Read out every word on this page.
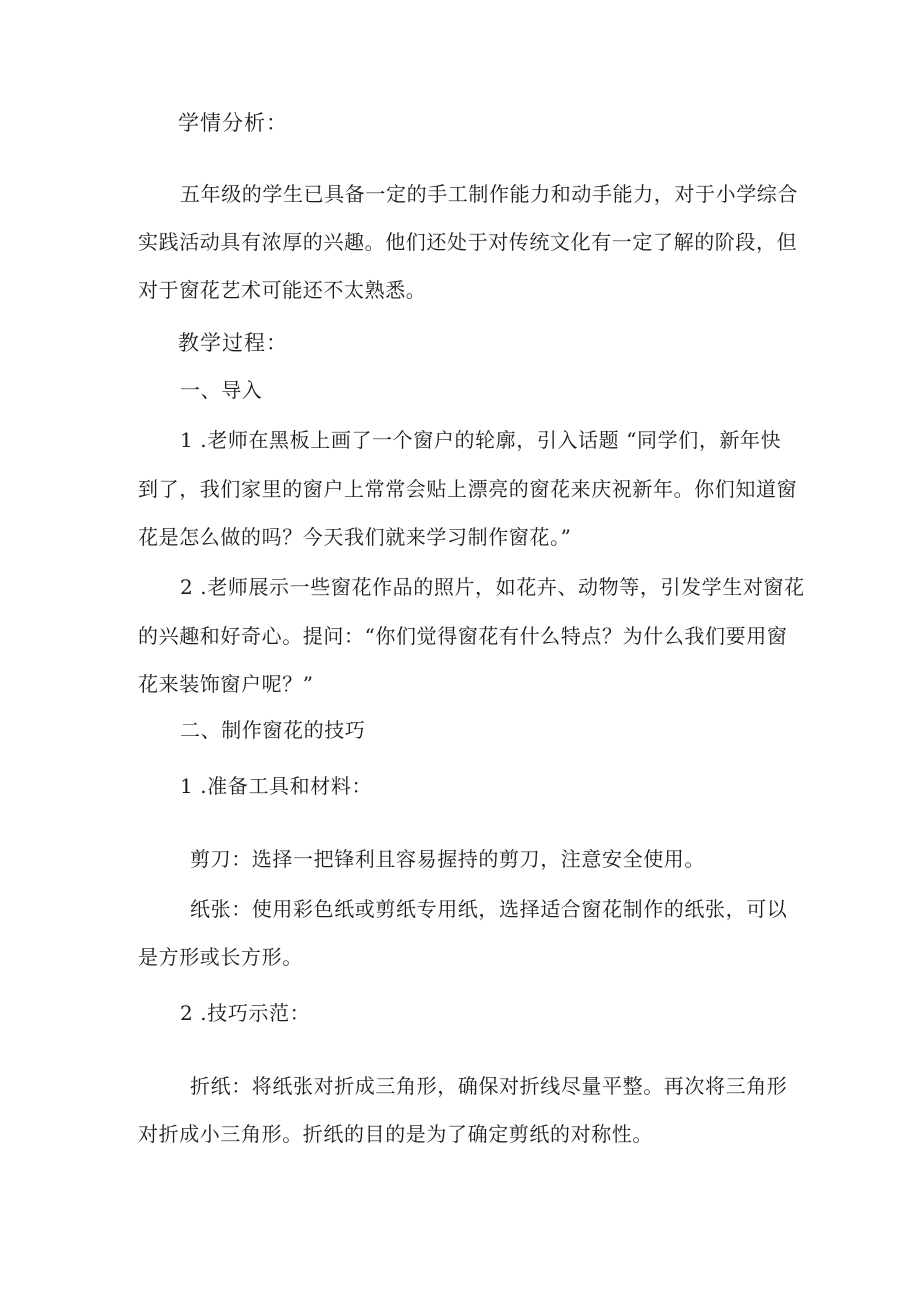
学情分析：
五年级的学生已具备一定的手工制作能力和动手能力，对于小学综合
实践活动具有浓厚的兴趣。他们还处于对传统文化有一定了解的阶段，但
对于窗花艺术可能还不太熟悉。
教学过程：
一、导入
1 .老师在黑板上画了一个窗户的轮廓，引入话题 “同学们，新年快
到了，我们家里的窗户上常常会贴上漂亮的窗花来庆祝新年。你们知道窗
花是怎么做的吗？今天我们就来学习制作窗花。”
2 .老师展示一些窗花作品的照片，如花卉、动物等，引发学生对窗花
的兴趣和好奇心。提问：“你们觉得窗花有什么特点？为什么我们要用窗
花来装饰窗户呢？”
二、制作窗花的技巧
1 .准备工具和材料：
剪刀：选择一把锋利且容易握持的剪刀，注意安全使用。
纸张：使用彩色纸或剪纸专用纸，选择适合窗花制作的纸张，可以
是方形或长方形。
2 .技巧示范：
折纸：将纸张对折成三角形，确保对折线尽量平整。再次将三角形
对折成小三角形。折纸的目的是为了确定剪纸的对称性。
